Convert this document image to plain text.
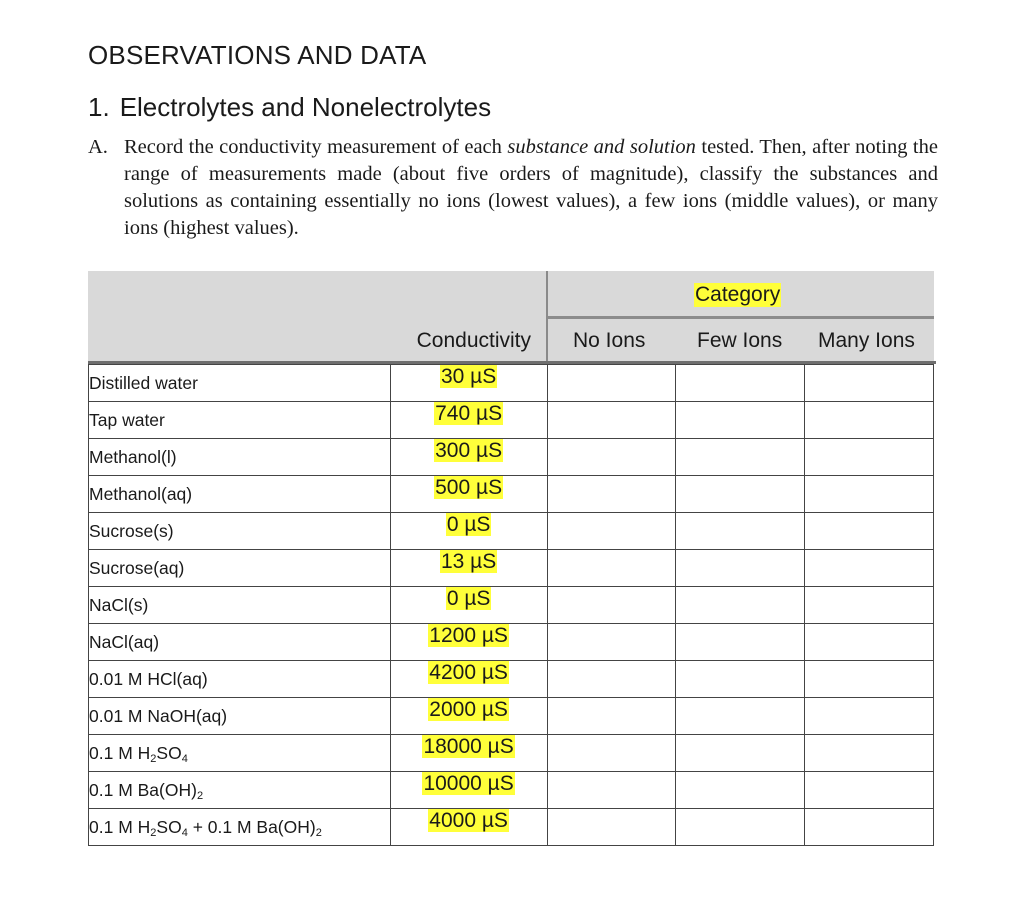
OBSERVATIONS AND DATA
1. Electrolytes and Nonelectrolytes
A. Record the conductivity measurement of each substance and solution tested. Then, after noting the range of measurements made (about five orders of magnitude), classify the substances and solutions as containing essentially no ions (lowest values), a few ions (middle values), or many ions (highest values).
Category
Conductivity No Ions Few Ions Many Ions
Distilled water	30 µS			
Tap water	740 µS			
Methanol(l)	300 µS			
Methanol(aq)	500 µS			
Sucrose(s)	0 µS			
Sucrose(aq)	13 µS			
NaCl(s)	0 µS			
NaCl(aq)	1200 µS			
0.01 M HCl(aq)	4200 µS			
0.01 M NaOH(aq)	2000 µS			
0.1 M $H_2SO_4$	18000 µS			
0.1 M $Ba(OH)_2$	10000 µS			
0.1 M $H_2SO_4 + 0.1$ M $Ba(OH)_2$	4000 µS			
